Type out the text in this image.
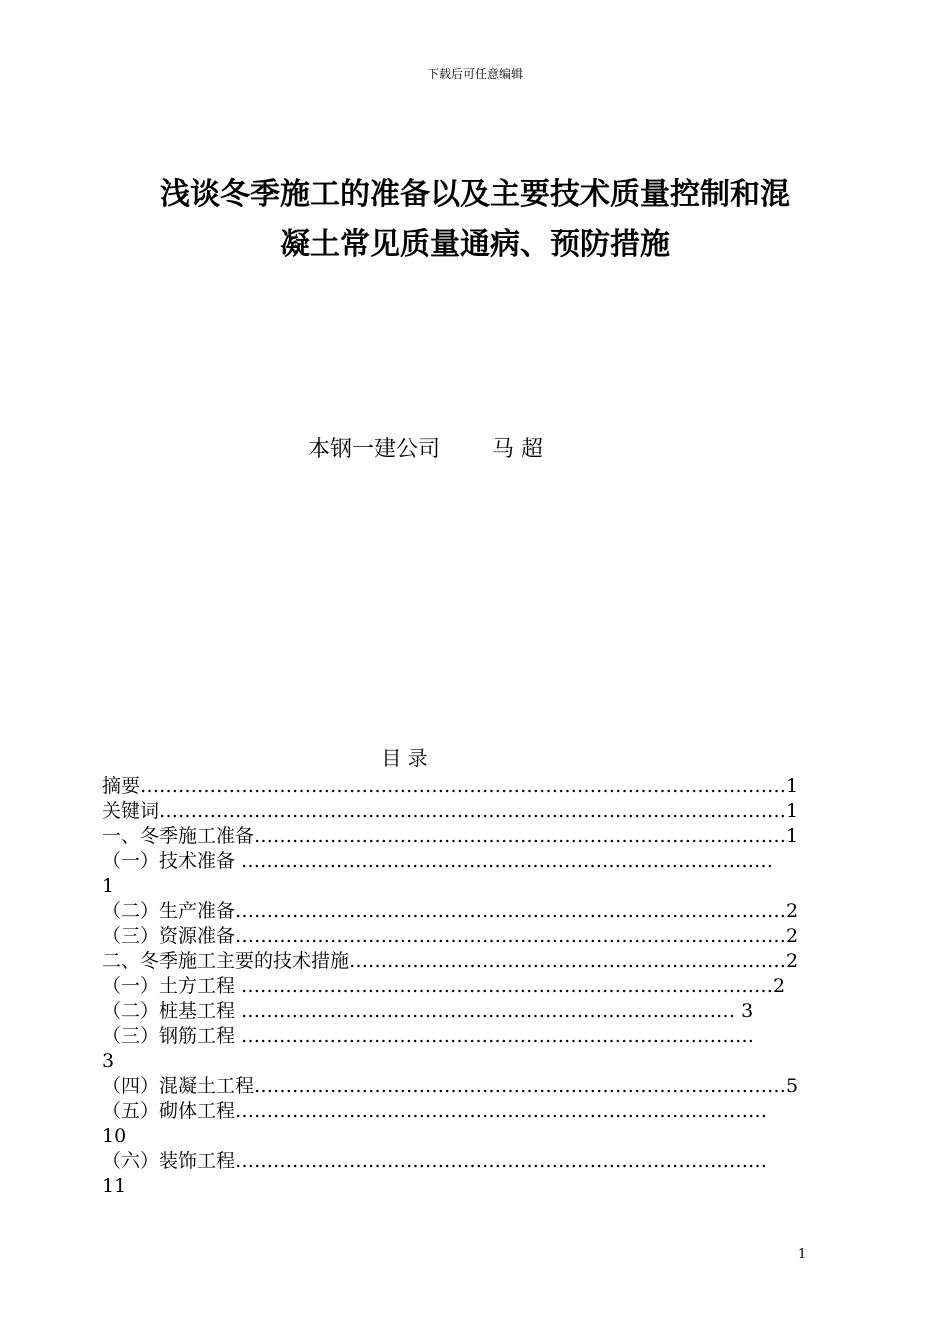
下载后可任意编辑
浅谈冬季施工的准备以及主要技术质量控制和混
凝土常见质量通病、预防措施
本钢一建公司 马 超
目 录
摘要…………………………………………………………………………………………1
关键词………………………………………………………………………………………1
一、冬季施工准备…………………………………………………………………………1
（一）技术准备 …………………………………………………………………………
1
（二）生产准备……………………………………………………………………………2
（三）资源准备……………………………………………………………………………2
二、冬季施工主要的技术措施……………………………………………………………2
（一）土方工程 …………………………………………………………………………2
（二）桩基工程 …………………………………………………………………… 3
（三）钢筋工程 ………………………………………………………………………
3
（四）混凝土工程…………………………………………………………………………5
（五）砌体工程…………………………………………………………………………
10
（六）装饰工程…………………………………………………………………………
11
1
